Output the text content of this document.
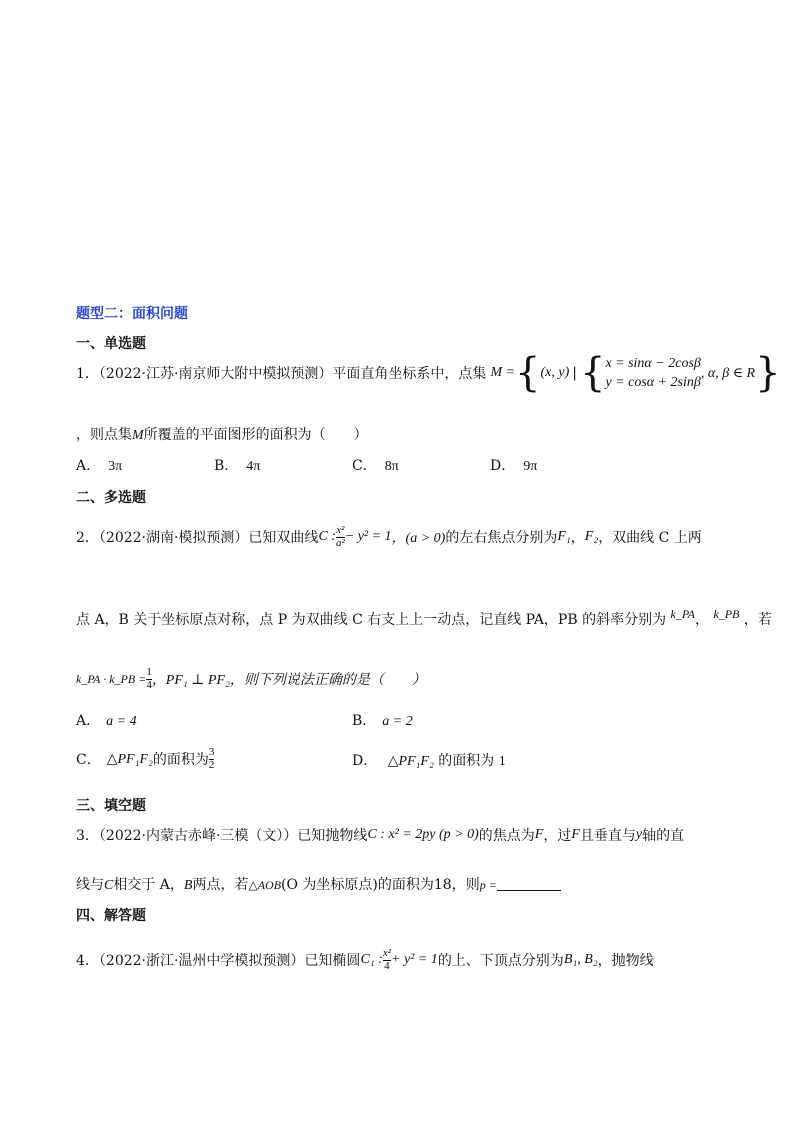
题型二：面积问题
一、单选题
1．（2022·江苏·南京师大附中模拟预测）平面直角坐标系中，点集 M = { (x, y) | { x = sinα − 2cosβ
y = cosα + 2sinβ
, α, β ∈ R }
，则点集M所覆盖的平面图形的面积为（　　）
A． 3π	B． 4π	C． 8π	D． 9π
二、多选题
2．（2022·湖南·模拟预测）已知双曲线 C : $\frac{\text{x²}}{\text{a²}} - y^2 = 1$ ，(a > 0) 的左右焦点分别为 F₁ ， F₂ ，双曲线 C 上两
点 A，B 关于坐标原点对称，点 P 为双曲线 C 右支上上一动点，记直线 PA，PB 的斜率分别为 k_PA， k_PB ，若
k_PA · k_PB = $\frac{1}{4}$ ，PF₁ ⊥ PF₂，则下列说法正确的是（　　）
A． a = 4	B． a = 2
C． △PF₁F₂ 的面积为 $\frac{3}{2}$	D． △PF₁F₂ 的面积为 1
三、填空题
3．（2022·内蒙古赤峰·三模（文））已知抛物线 C : x² = 2py (p > 0) 的焦点为 F ，过 F 且垂直与 y 轴的直
线与C相交于 A，B两点，若△AOB(O 为坐标原点)的面积为18，则p =
四、解答题
4．（2022·浙江·温州中学模拟预测）已知椭圆 C₁ : $\frac{\text{x²}}{4} + y^2 = 1$ 的上、下顶点分别为 B₁, B₂ ，抛物线
